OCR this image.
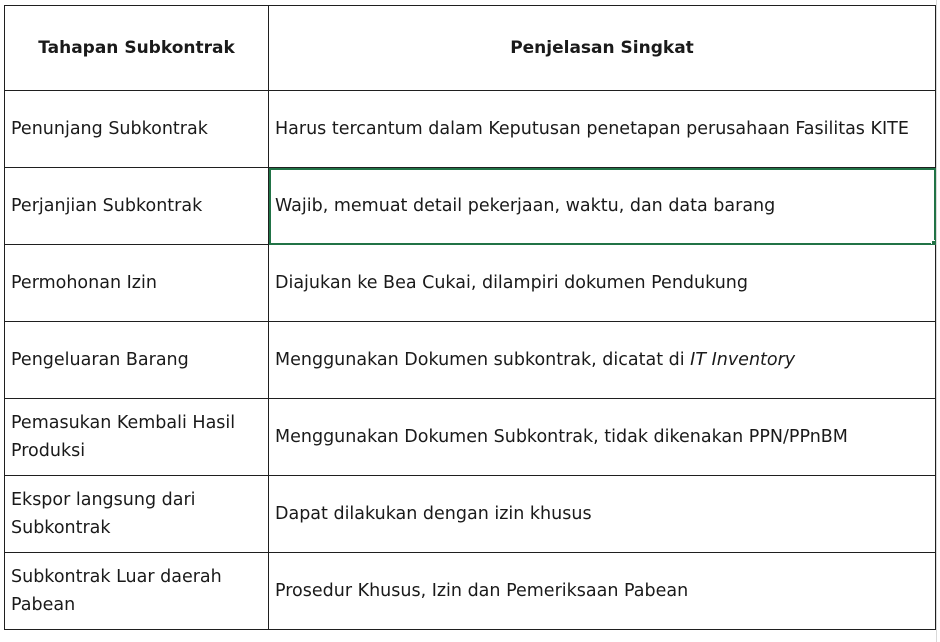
Tahapan Subkontrak	Penjelasan Singkat
Penunjang Subkontrak	Harus tercantum dalam Keputusan penetapan perusahaan Fasilitas KITE
Perjanjian Subkontrak	Wajib, memuat detail pekerjaan, waktu, dan data barang

Permohonan Izin	Diajukan ke Bea Cukai, dilampiri dokumen Pendukung
Pengeluaran Barang	Menggunakan Dokumen subkontrak, dicatat di IT Inventory
Pemasukan Kembali Hasil Produksi	Menggunakan Dokumen Subkontrak, tidak dikenakan PPN/PPnBM
Ekspor langsung dari Subkontrak	Dapat dilakukan dengan izin khusus
Subkontrak Luar daerah Pabean	Prosedur Khusus, Izin dan Pemeriksaan Pabean
